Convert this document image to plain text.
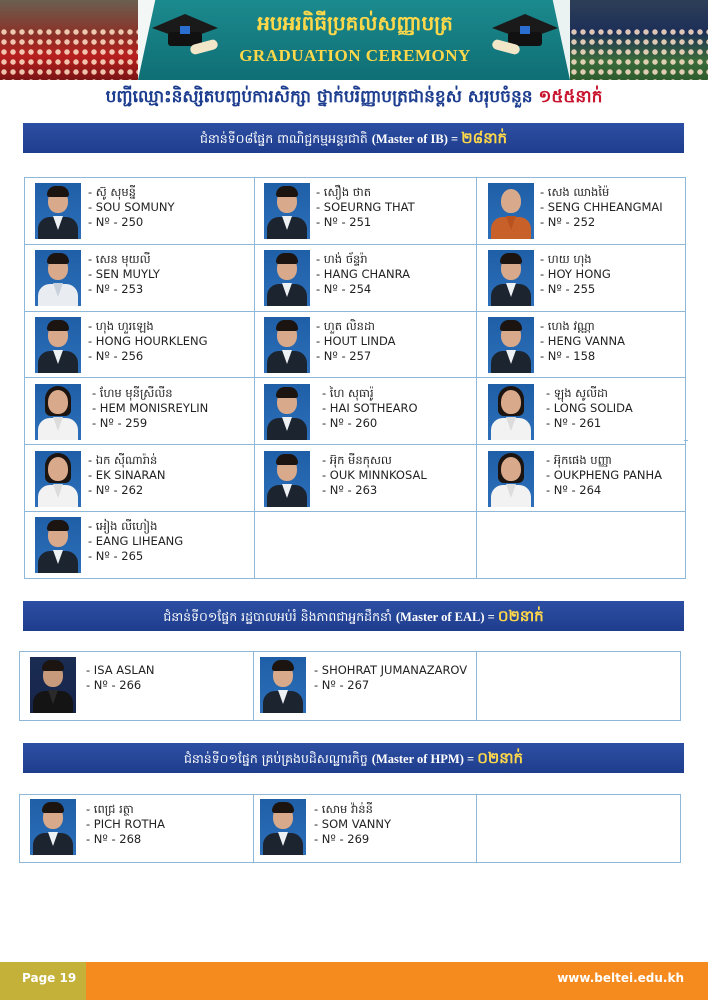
អបអរពិធីប្រគល់សញ្ញាបត្រ
GRADUATION CEREMONY
បញ្ជីឈ្មោះនិស្សិតបញ្ចប់ការសិក្សា ថ្នាក់បរិញ្ញាបត្រជាន់ខ្ពស់ សរុបចំនួន ១៥៥នាក់
ជំនាន់ទី០៨ផ្នែក ពាណិជ្ជកម្មអន្តរជាតិ (Master of IB) = ២៨នាក់
- ស៊ូ សុមន្នី
- SOU SOMUNY
- Nº - 250
- សឿង ថាត
- SOEURNG THAT
- Nº - 251
- សេង ឈាងម៉ៃ
- SENG CHHEANGMAI
- Nº - 252
- សេន មុយលី
- SEN MUYLY
- Nº - 253
- ហង់ ច័ន្ទរ៉ា
- HANG CHANRA
- Nº - 254
- ហយ ហុង
- HOY HONG
- Nº - 255
- ហុង ហួរឡេង
- HONG HOURKLENG
- Nº - 256
- ហួត លិនដា
- HOUT LINDA
- Nº - 257
- ហេង វណ្ណា
- HENG VANNA
- Nº - 158
- ហែម មុនីស្រីលីន
- HEM MONISREYLIN
- Nº - 259
- ហៃ សុធារ៉ូ
- HAI SOTHEARO
- Nº - 260
- ឡុង សូលីដា
- LONG SOLIDA
- Nº - 261
- ឯក ស៊ីណារ៉ាន់
- EK SINARAN
- Nº - 262
- អ៊ុក មីនកុសល
- OUK MINNKOSAL
- Nº - 263
- អ៊ុកផេង បញ្ញា
- OUKPHENG PANHA
- Nº - 264
- អៀង លីហៀង
- EANG LIHEANG
- Nº - 265
ជំនាន់ទី០១ផ្នែក រដ្ឋបាលអប់រំ និងភាពជាអ្នកដឹកនាំ (Master of EAL) = ០២នាក់
- ISA ASLAN
- Nº - 266
- SHOHRAT JUMANAZAROV
- Nº - 267
ជំនាន់ទី០១ផ្នែក គ្រប់គ្រងបដិសណ្ឋារកិច្ច (Master of HPM) = ០២នាក់
- ពេជ្រ រត្ថា
- PICH ROTHA
- Nº - 268
- សោម វ៉ាន់នី
- SOM VANNY
- Nº - 269
Page 19	www.beltei.edu.kh
